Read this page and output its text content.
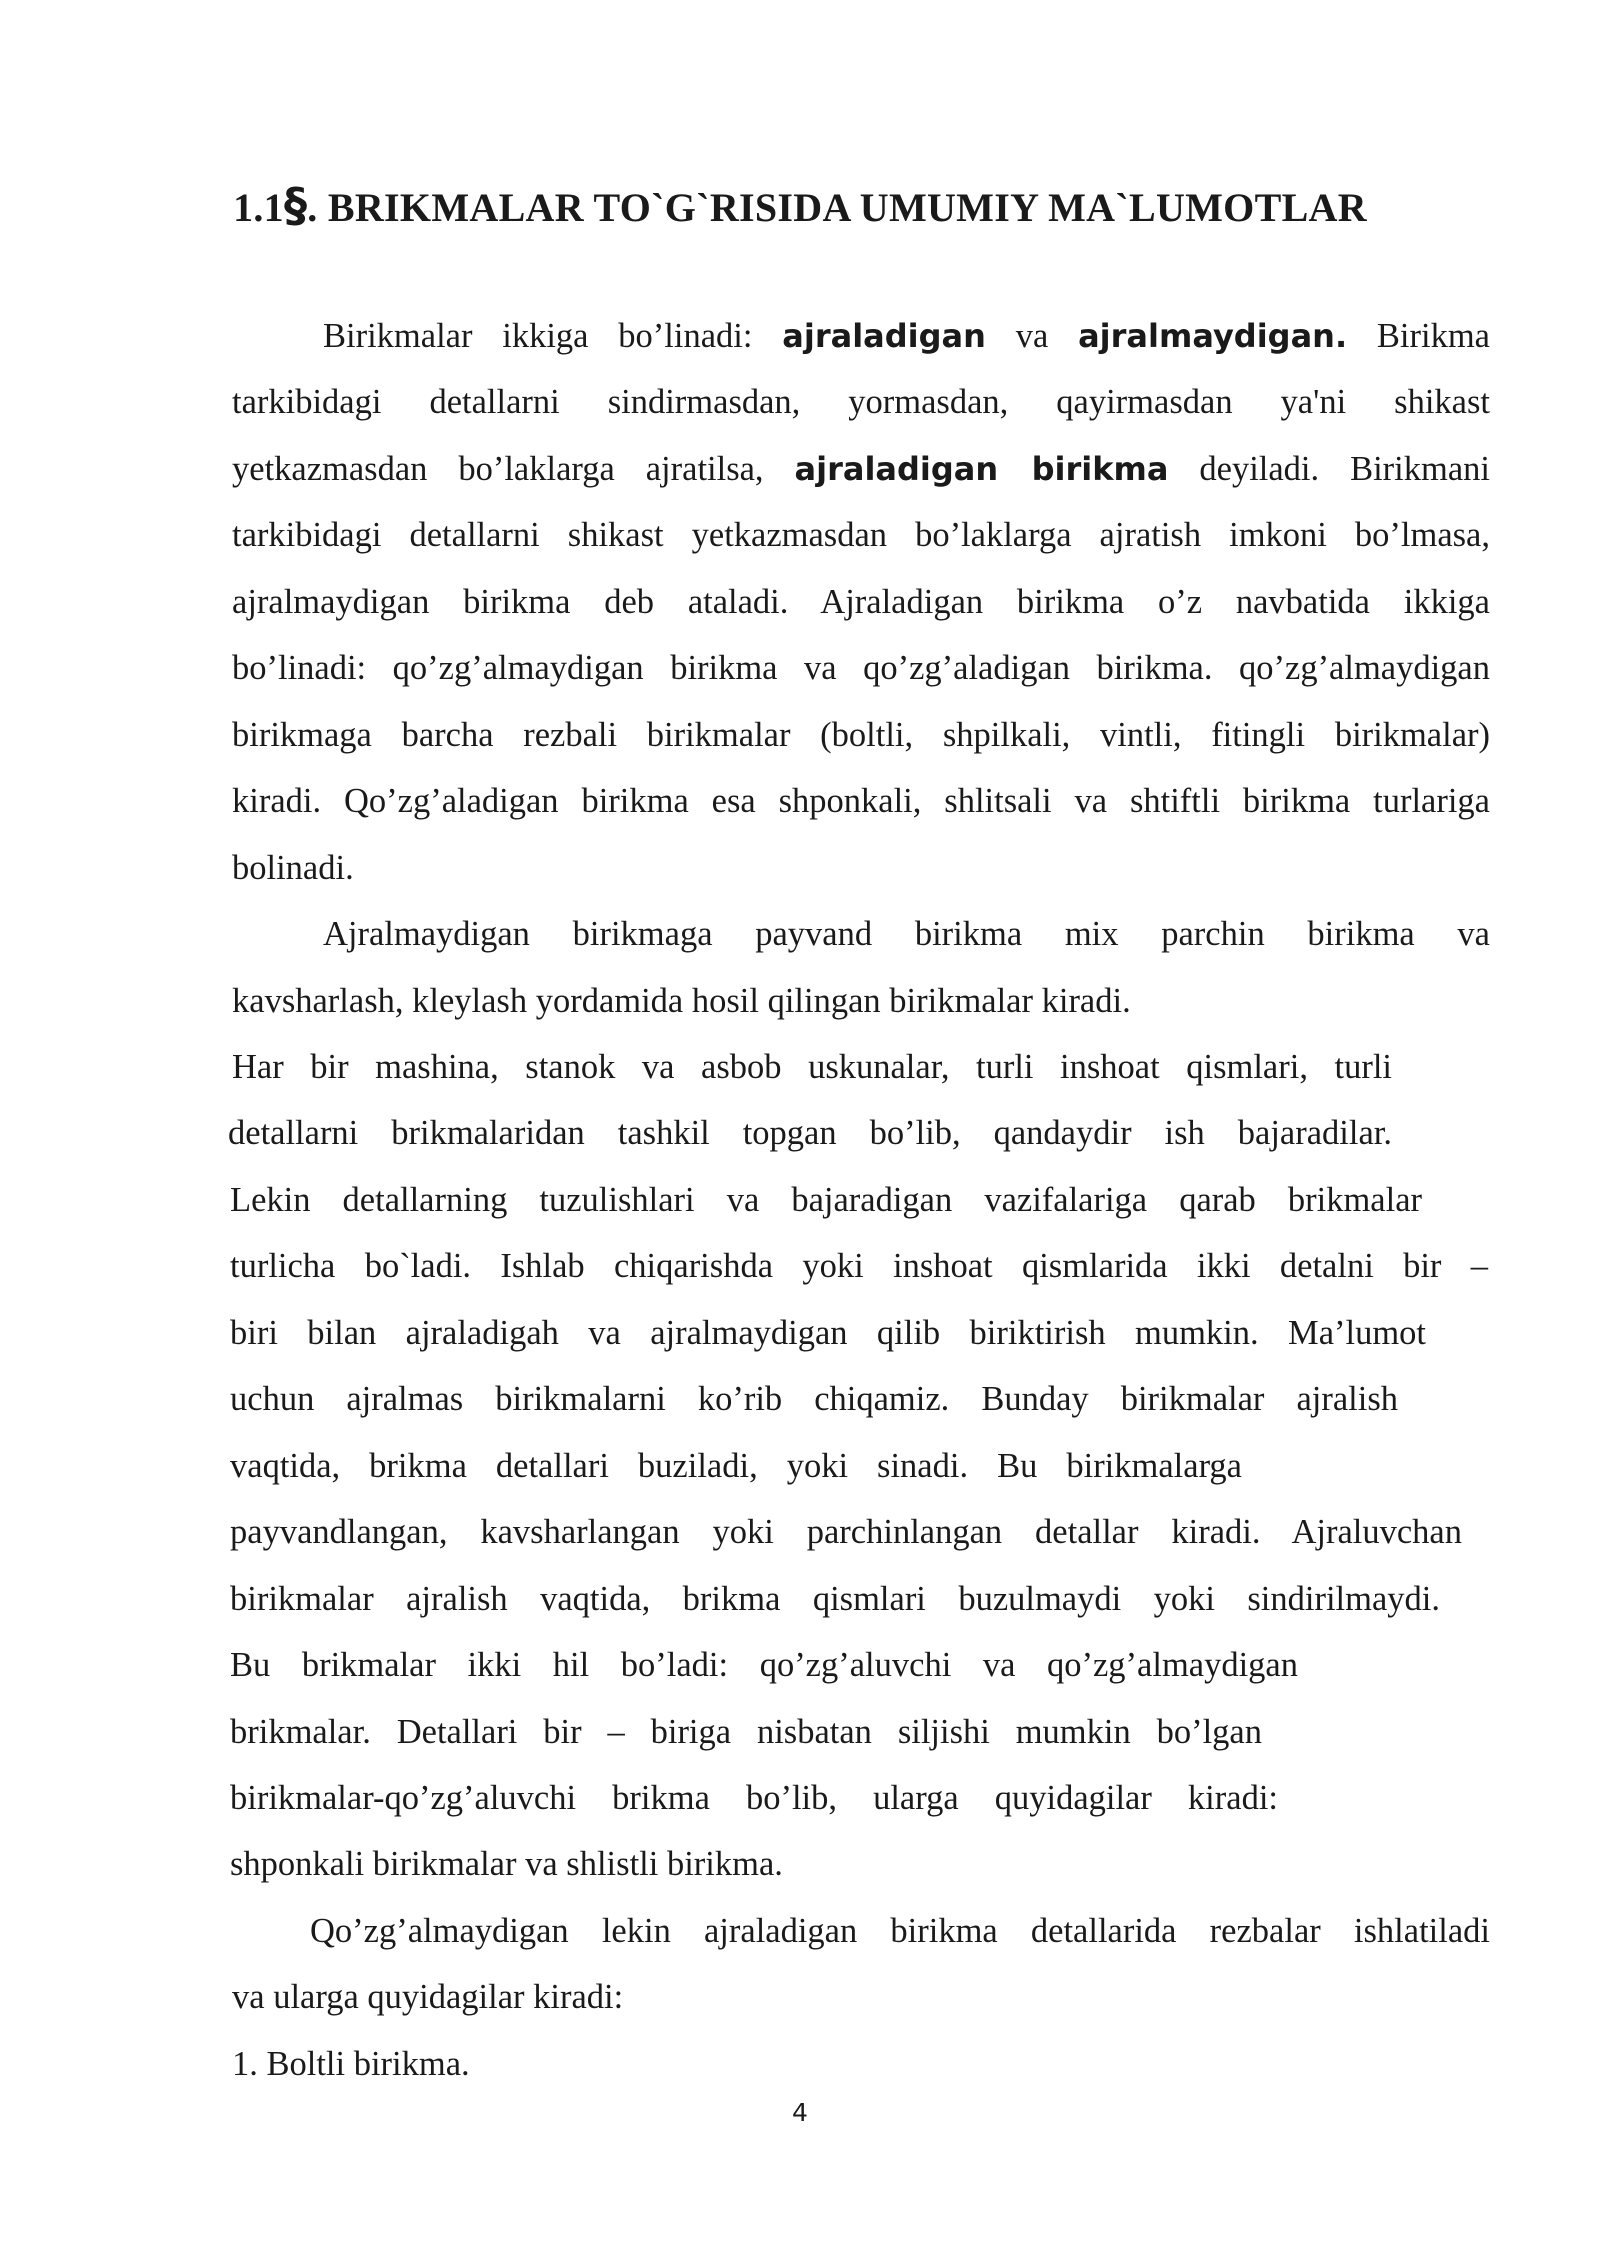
1.1§. BRIKMALAR TO`G`RISIDA UMUMIY MA`LUMOTLAR
Birikmalar ikkiga bo’linadi: ajraladigan va ajralmaydigan. Birikma
tarkibidagi detallarni sindirmasdan, yormasdan, qayirmasdan ya'ni shikast
yetkazmasdan bo’laklarga ajratilsa, ajraladigan birikma deyiladi. Birikmani
tarkibidagi detallarni shikast yetkazmasdan bo’laklarga ajratish imkoni bo’lmasa,
ajralmaydigan birikma deb ataladi. Ajraladigan birikma o’z navbatida ikkiga
bo’linadi: qo’zg’almaydigan birikma va qo’zg’aladigan birikma. qo’zg’almaydigan
birikmaga barcha rezbali birikmalar (boltli, shpilkali, vintli, fitingli birikmalar)
kiradi. Qo’zg’aladigan birikma esa shponkali, shlitsali va shtiftli birikma turlariga
bolinadi.
Ajralmaydigan birikmaga payvand birikma mix parchin birikma va
kavsharlash, kleylash yordamida hosil qilingan birikmalar kiradi.
Har bir mashina, stanok va asbob uskunalar, turli inshoat qismlari, turli
detallarni brikmalaridan tashkil topgan bo’lib, qandaydir ish bajaradilar.
Lekin detallarning tuzulishlari va bajaradigan vazifalariga qarab brikmalar
turlicha bo`ladi. Ishlab chiqarishda yoki inshoat qismlarida ikki detalni bir –
biri bilan ajraladigah va ajralmaydigan qilib biriktirish mumkin. Ma’lumot
uchun ajralmas birikmalarni ko’rib chiqamiz. Bunday birikmalar ajralish
vaqtida, brikma detallari buziladi, yoki sinadi. Bu birikmalarga
payvandlangan, kavsharlangan yoki parchinlangan detallar kiradi. Ajraluvchan
birikmalar ajralish vaqtida, brikma qismlari buzulmaydi yoki sindirilmaydi.
Bu brikmalar ikki hil bo’ladi: qo’zg’aluvchi va qo’zg’almaydigan
brikmalar. Detallari bir – biriga nisbatan siljishi mumkin bo’lgan
birikmalar-qo’zg’aluvchi brikma bo’lib, ularga quyidagilar kiradi:
shponkali birikmalar va shlistli birikma.
Qo’zg’almaydigan lekin ajraladigan birikma detallarida rezbalar ishlatiladi
va ularga quyidagilar kiradi:
1. Boltli birikma.
4
